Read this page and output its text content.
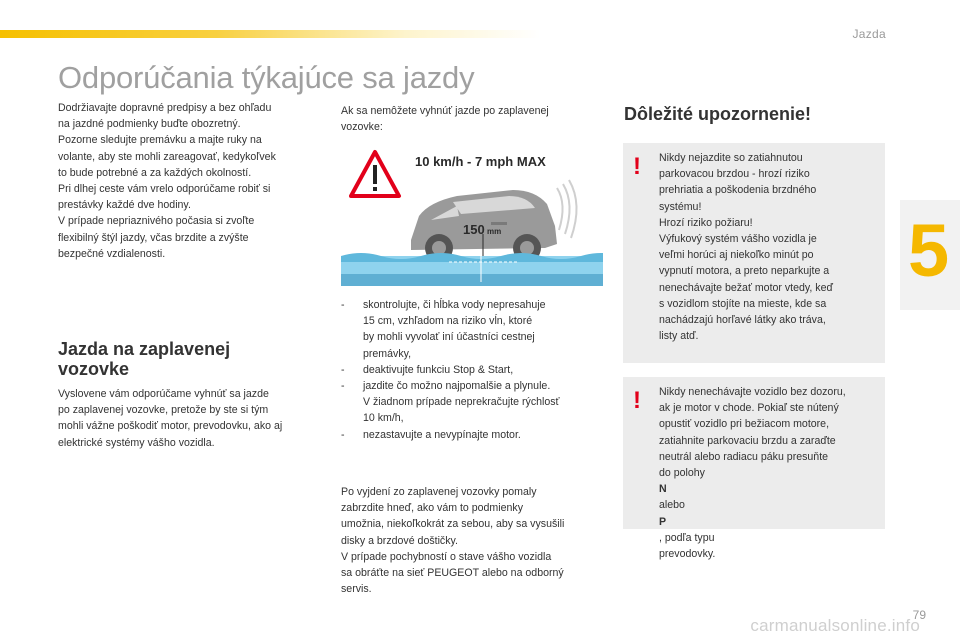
Jazda
Odporúčania týkajúce sa jazdy
5

Dodržiavajte dopravné predpisy a bez ohľadu
na jazdné podmienky buďte obozretný.
Pozorne sledujte premávku a majte ruky na
volante, aby ste mohli zareagovať, kedykoľvek
to bude potrebné a za každých okolností.
Pri dlhej ceste vám vrelo odporúčame robiť si
prestávky každé dve hodiny.
V prípade nepriaznivého počasia si zvoľte
flexibilný štýl jazdy, včas brzdite a zvýšte
bezpečné vzdialenosti.

Jazda na zaplavenej
vozovke

Vyslovene vám odporúčame vyhnúť sa jazde
po zaplavenej vozovke, pretože by ste si tým
mohli vážne poškodiť motor, prevodovku, ako aj
elektrické systémy vášho vozidla.

Ak sa nemôžete vyhnúť jazde po zaplavenej
vozovke:

10 km/h - 7 mph MAX
150 mm
- skontrolujte, či hĺbka vody nepresahuje
15 cm, vzhľadom na riziko vĺn, ktoré
by mohli vyvolať iní účastníci cestnej
premávky,
- deaktivujte funkciu Stop & Start,
- jazdite čo možno najpomalšie a plynule.
V žiadnom prípade neprekračujte rýchlosť
10 km/h,
- nezastavujte a nevypínajte motor.

Po vyjdení zo zaplavenej vozovky pomaly
zabrzdite hneď, ako vám to podmienky
umožnia, niekoľkokrát za sebou, aby sa vysušili
disky a brzdové doštičky.
V prípade pochybností o stave vášho vozidla
sa obráťte na sieť PEUGEOT alebo na odborný
servis.

Dôležité upozornenie!
! Nikdy nejazdite so zatiahnutou
parkovacou brzdou - hrozí riziko
prehriatia a poškodenia brzdného
systému!
Hrozí riziko požiaru!
Výfukový systém vášho vozidla je
veľmi horúci aj niekoľko minút po
vypnutí motora, a preto neparkujte a
nenechávajte bežať motor vtedy, keď
s vozidlom stojíte na mieste, kde sa
nachádzajú horľavé látky ako tráva,
listy atď.
! Nikdy nenechávajte vozidlo bez dozoru,
ak je motor v chode. Pokiaľ ste nútený
opustiť vozidlo pri bežiacom motore,
zatiahnite parkovaciu brzdu a zaraďte
neutrál alebo radiacu páku presuňte
do polohy
N
alebo
P
, podľa typu
prevodovky.
79
carmanualsonline.info
